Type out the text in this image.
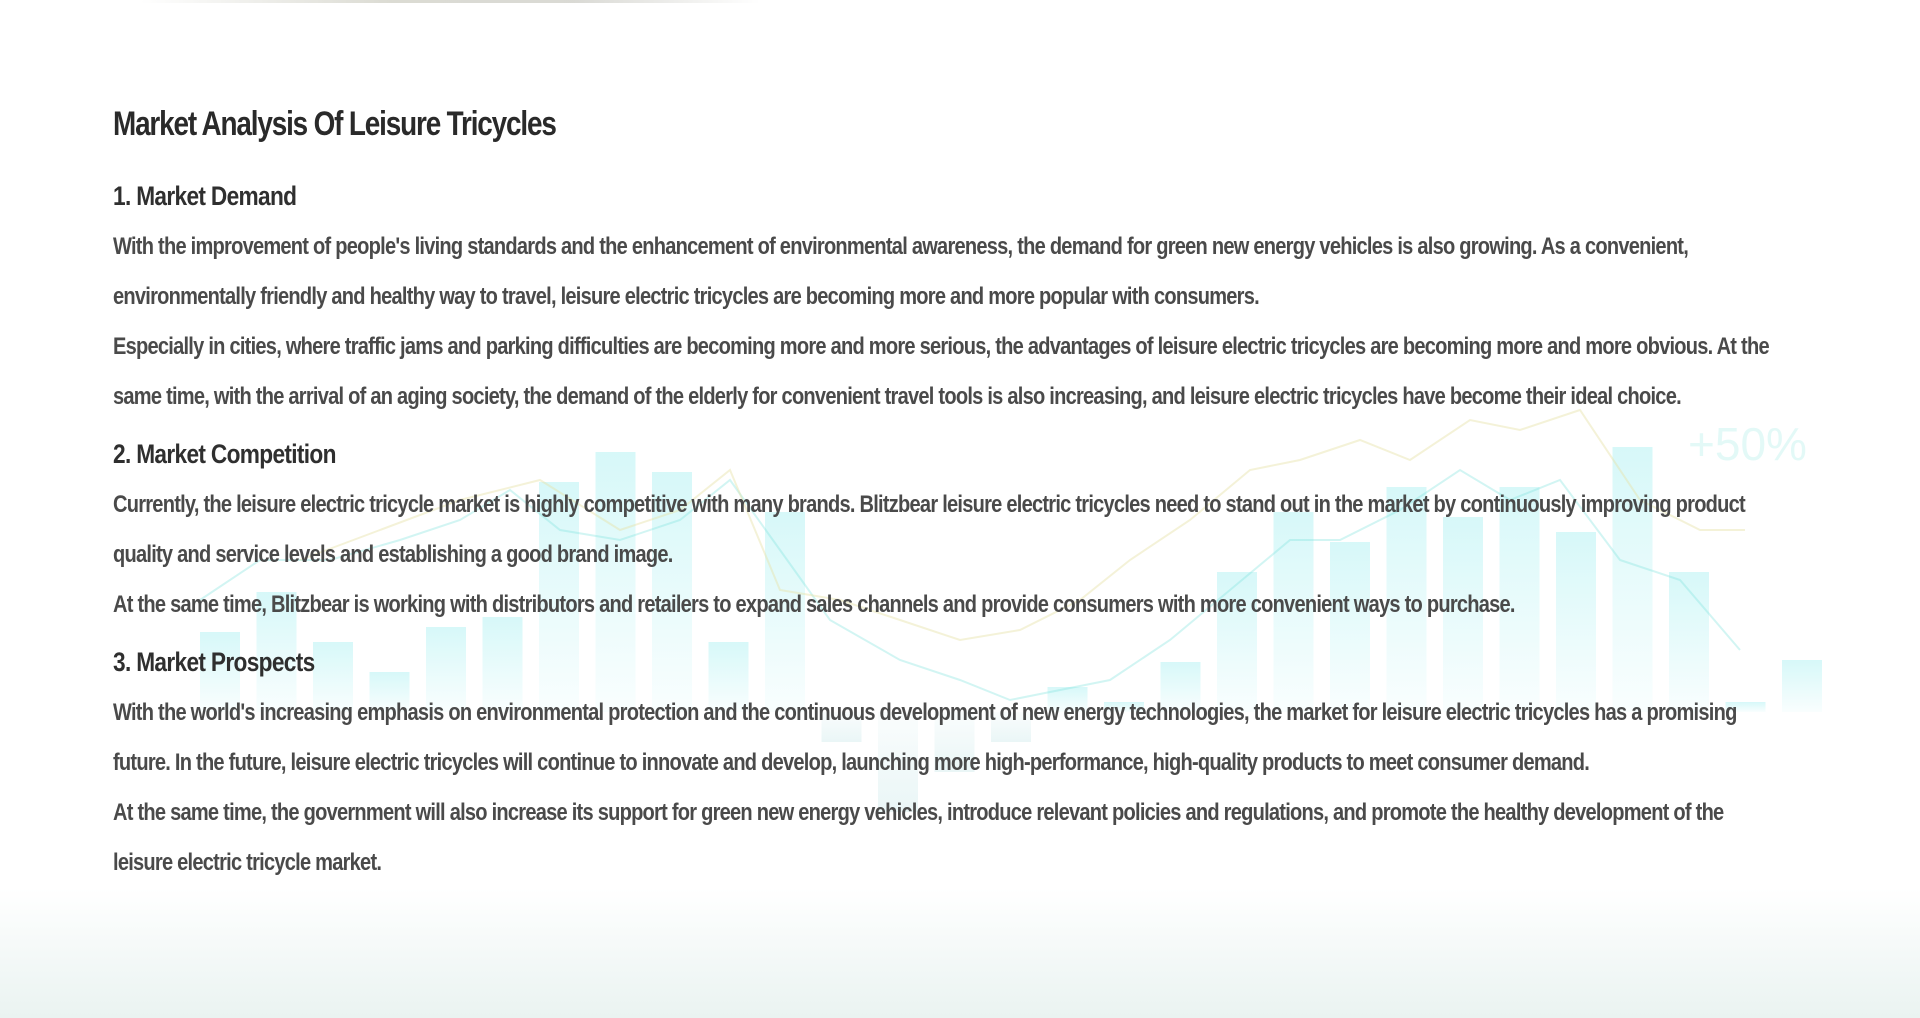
+50%
Market Analysis Of Leisure Tricycles
1. Market Demand

With the improvement of people's living standards and the enhancement of environmental awareness, the demand for green new energy vehicles is also growing. As a convenient, environmentally friendly and healthy way to travel, leisure electric tricycles are becoming more and more popular with consumers.

Especially in cities, where traffic jams and parking difficulties are becoming more and more serious, the advantages of leisure electric tricycles are becoming more and more obvious. At the same time, with the arrival of an aging society, the demand of the elderly for convenient travel tools is also increasing, and leisure electric tricycles have become their ideal choice.

2. Market Competition

Currently, the leisure electric tricycle market is highly competitive with many brands. Blitzbear leisure electric tricycles need to stand out in the market by continuously improving product quality and service levels and establishing a good brand image.

At the same time, Blitzbear is working with distributors and retailers to expand sales channels and provide consumers with more convenient ways to purchase.

3. Market Prospects

With the world's increasing emphasis on environmental protection and the continuous development of new energy technologies, the market for leisure electric tricycles has a promising future. In the future, leisure electric tricycles will continue to innovate and develop, launching more high-performance, high-quality products to meet consumer demand.

At the same time, the government will also increase its support for green new energy vehicles, introduce relevant policies and regulations, and promote the healthy development of the leisure electric tricycle market.
